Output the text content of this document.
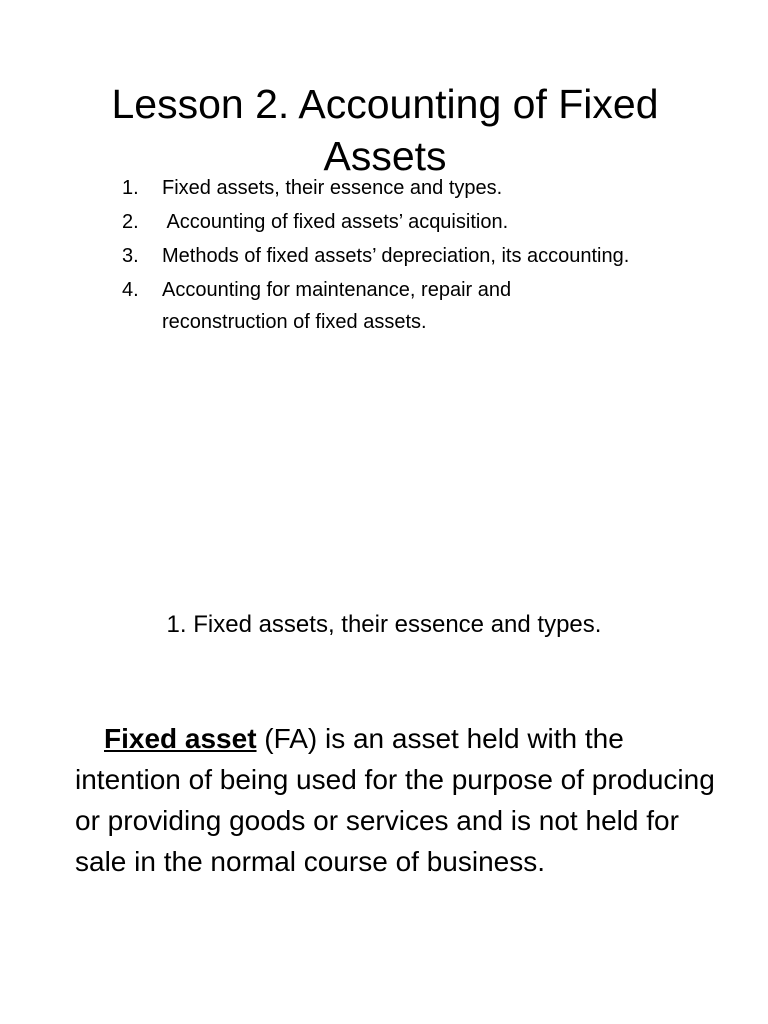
Lesson 2. Accounting of Fixed Assets
1. Fixed assets, their essence and types.
2. Accounting of fixed assets’ acquisition.
3. Methods of fixed assets’ depreciation, its accounting.
4. Accounting for maintenance, repair and reconstruction of fixed assets.
1. Fixed assets, their essence and types.

Fixed asset (FA) is an asset held with the intention of being used for the purpose of producing or providing goods or services and is not held for sale in the normal course of business.
